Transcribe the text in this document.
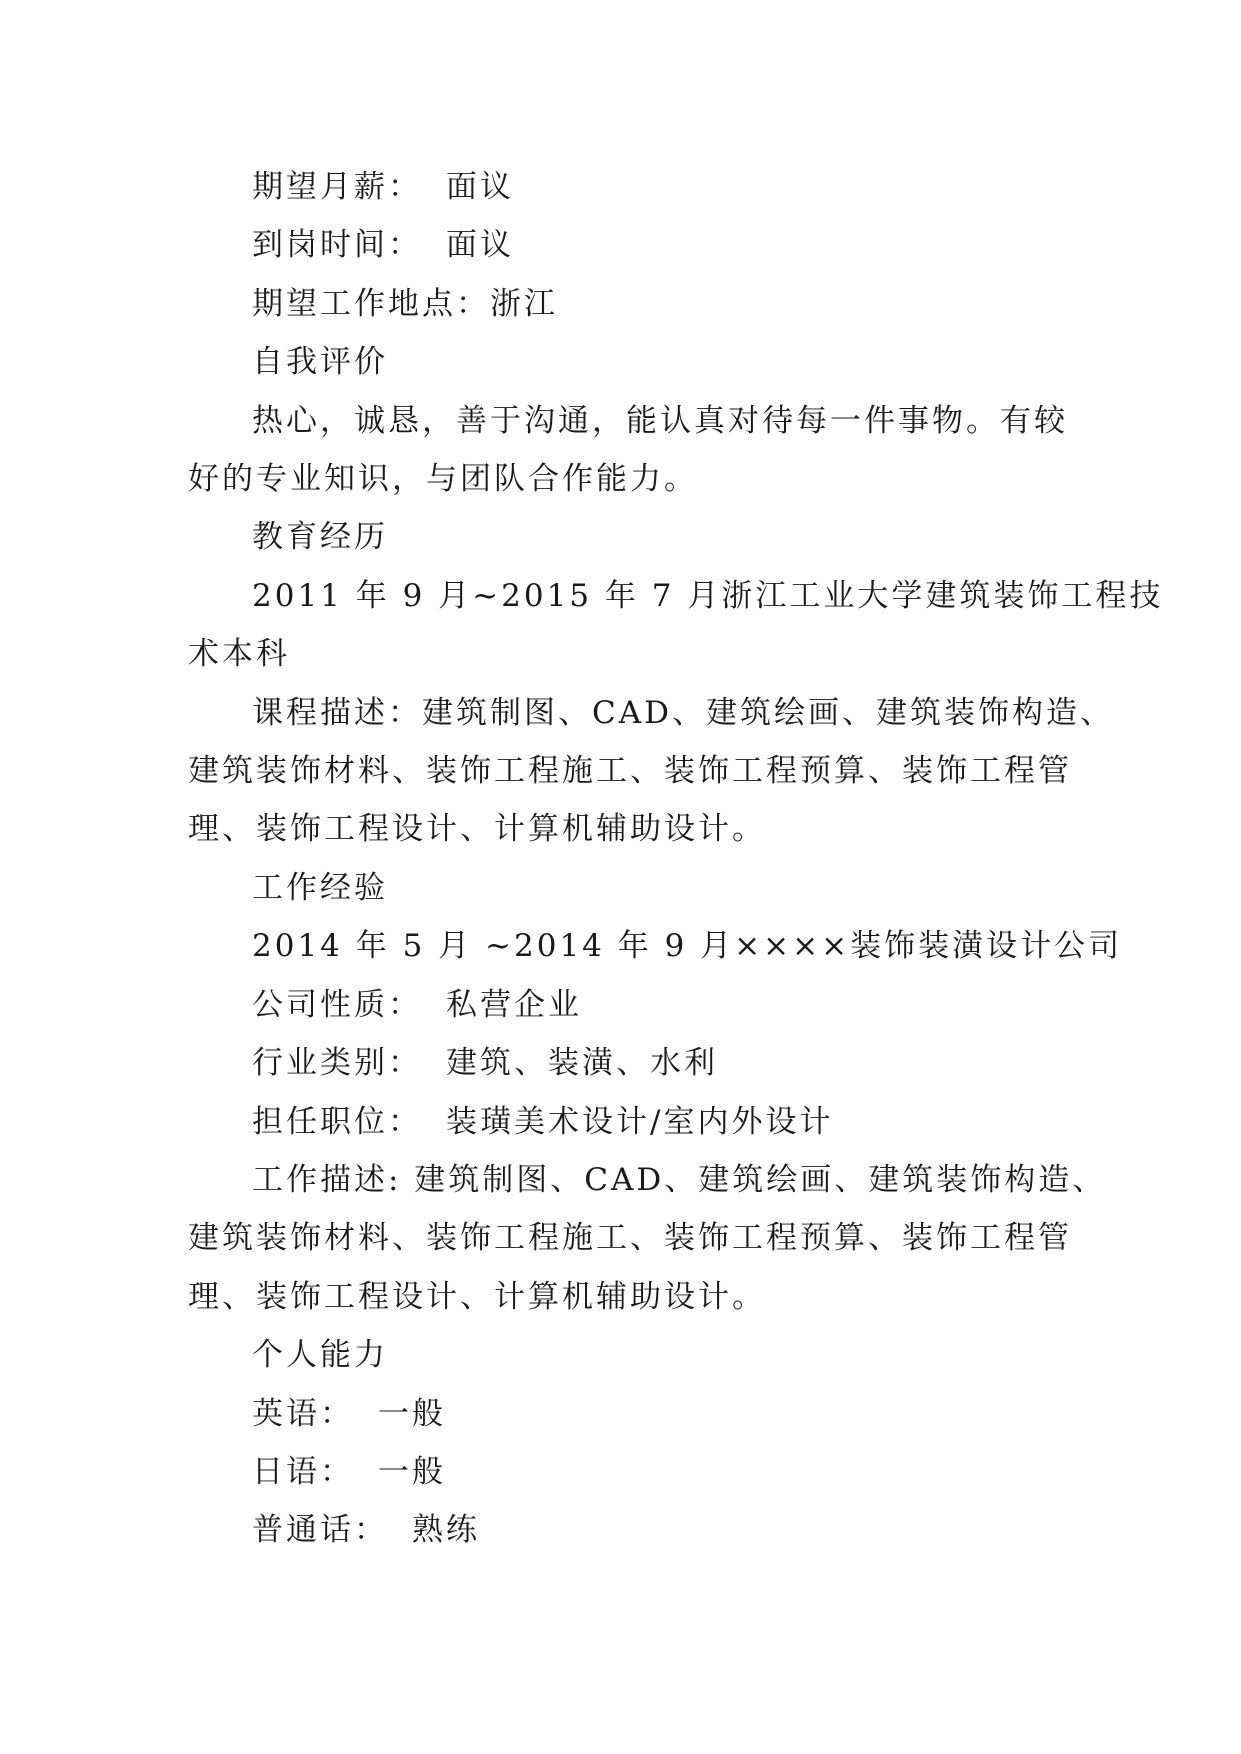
期望月薪： 面议
到岗时间： 面议
期望工作地点：浙江
自我评价
热心，诚恳，善于沟通，能认真对待每一件事物。有较
好的专业知识，与团队合作能力。
教育经历
2011 年 9 月~2015 年 7 月浙江工业大学建筑装饰工程技
术本科
课程描述：建筑制图、CAD、建筑绘画、建筑装饰构造、
建筑装饰材料、装饰工程施工、装饰工程预算、装饰工程管
理、装饰工程设计、计算机辅助设计。
工作经验
2014 年 5 月 ~2014 年 9 月××××装饰装潢设计公司
公司性质： 私营企业
行业类别： 建筑、装潢、水利
担任职位： 装璜美术设计/室内外设计
工作描述: 建筑制图、CAD、建筑绘画、建筑装饰构造、
建筑装饰材料、装饰工程施工、装饰工程预算、装饰工程管
理、装饰工程设计、计算机辅助设计。
个人能力
英语： 一般
日语： 一般
普通话： 熟练
